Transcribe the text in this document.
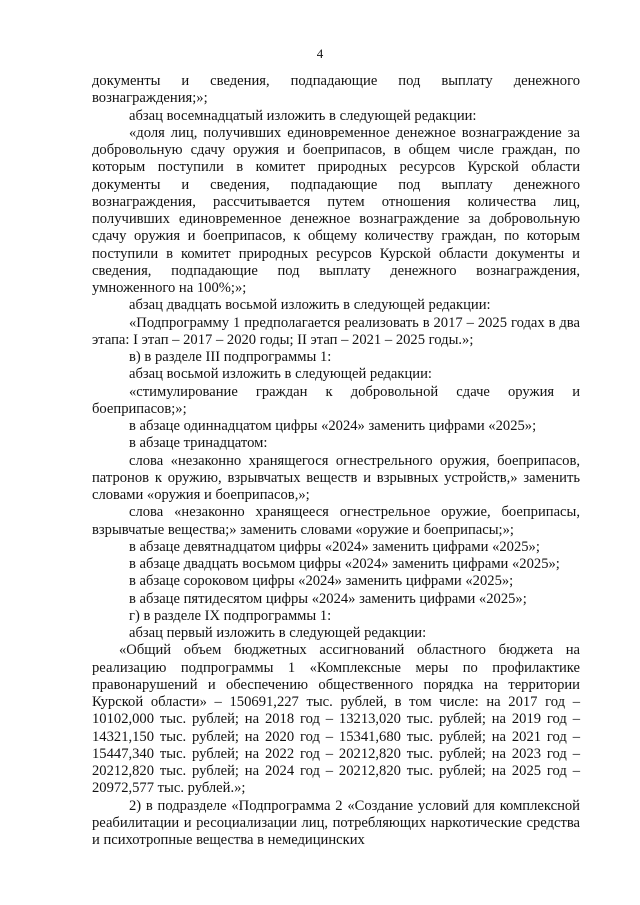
4

документы и сведения, подпадающие под выплату денежного вознаграждения;»;

абзац восемнадцатый изложить в следующей редакции:

«доля лиц, получивших единовременное денежное вознаграждение за добровольную сдачу оружия и боеприпасов, в общем числе граждан, по которым поступили в комитет природных ресурсов Курской области документы и сведения, подпадающие под выплату денежного вознаграждения, рассчитывается путем отношения количества лиц, получивших единовременное денежное вознаграждение за добровольную сдачу оружия и боеприпасов, к общему количеству граждан, по которым поступили в комитет природных ресурсов Курской области документы и сведения, подпадающие под выплату денежного вознаграждения, умноженного на 100%;»;

абзац двадцать восьмой изложить в следующей редакции:

«Подпрограмму 1 предполагается реализовать в 2017 – 2025 годах в два этапа: I этап – 2017 – 2020 годы; II этап – 2021 – 2025 годы.»;

в) в разделе III подпрограммы 1:

абзац восьмой изложить в следующей редакции:

«стимулирование граждан к добровольной сдаче оружия и боеприпасов;»;

в абзаце одиннадцатом цифры «2024» заменить цифрами «2025»;

в абзаце тринадцатом:

слова «незаконно хранящегося огнестрельного оружия, боеприпасов, патронов к оружию, взрывчатых веществ и взрывных устройств,» заменить словами «оружия и боеприпасов,»;

слова «незаконно хранящееся огнестрельное оружие, боеприпасы, взрывчатые вещества;» заменить словами «оружие и боеприпасы;»;

в абзаце девятнадцатом цифры «2024» заменить цифрами «2025»;

в абзаце двадцать восьмом цифры «2024» заменить цифрами «2025»;

в абзаце сороковом цифры «2024» заменить цифрами «2025»;

в абзаце пятидесятом цифры «2024» заменить цифрами «2025»;

г) в разделе IX подпрограммы 1:

абзац первый изложить в следующей редакции:

«Общий объем бюджетных ассигнований областного бюджета на реализацию подпрограммы 1 «Комплексные меры по профилактике правонарушений и обеспечению общественного порядка на территории Курской области» – 150691,227 тыс. рублей, в том числе: на 2017 год – 10102,000 тыс. рублей; на 2018 год – 13213,020 тыс. рублей; на 2019 год – 14321,150 тыс. рублей; на 2020 год – 15341,680 тыс. рублей; на 2021 год – 15447,340 тыс. рублей; на 2022 год – 20212,820 тыс. рублей; на 2023 год – 20212,820 тыс. рублей; на 2024 год – 20212,820 тыс. рублей; на 2025 год – 20972,577 тыс. рублей.»;

2) в подразделе «Подпрограмма 2 «Создание условий для комплексной реабилитации и ресоциализации лиц, потребляющих наркотические средства и психотропные вещества в немедицинских
